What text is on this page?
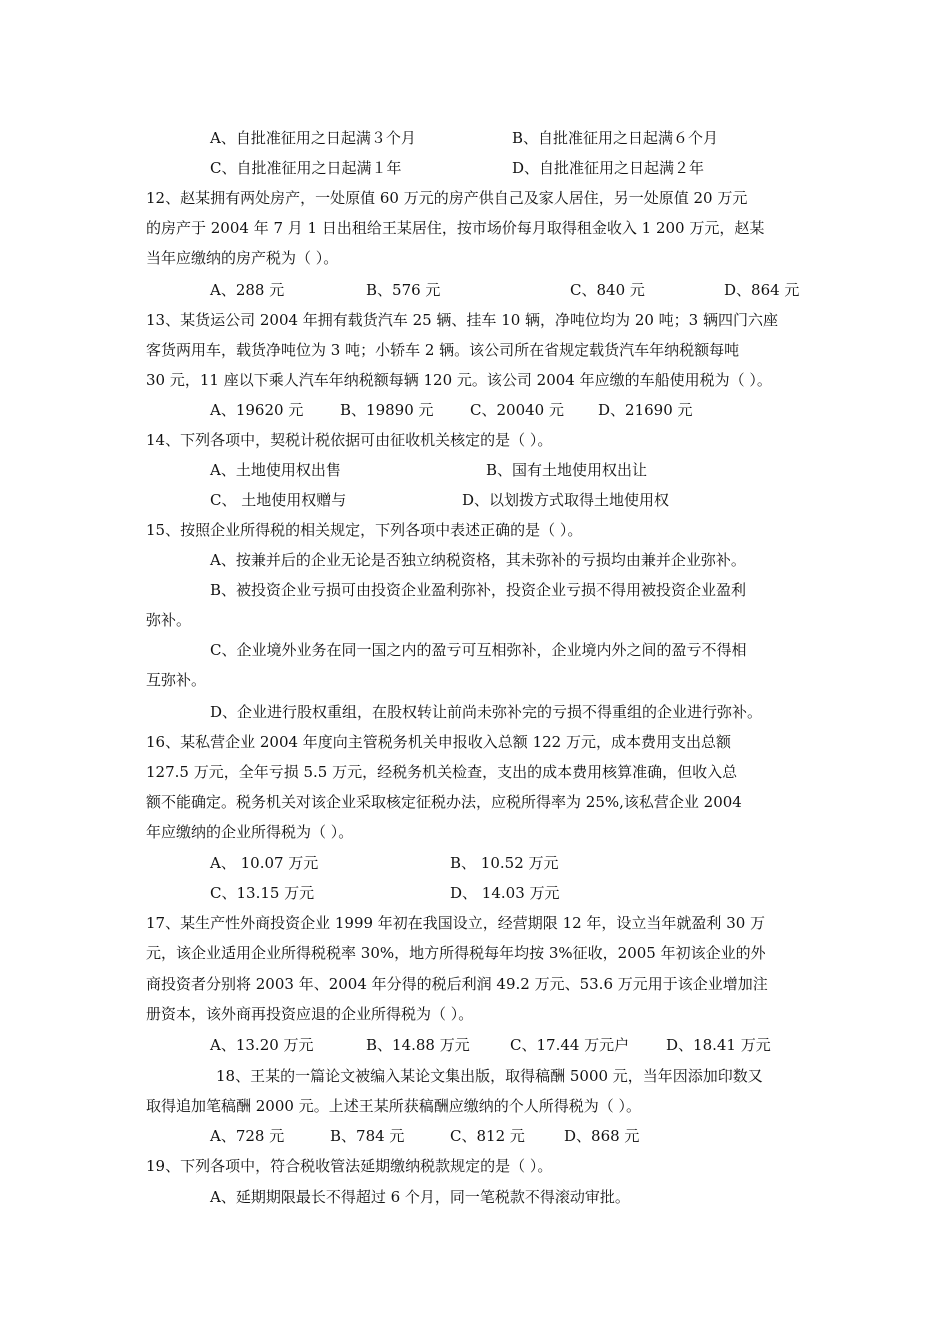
A、自批准征用之日起满３个月	B、自批准征用之日起满６个月
C、自批准征用之日起满１年	D、自批准征用之日起满２年
12、赵某拥有两处房产，一处原值 60 万元的房产供自己及家人居住，另一处原值 20 万元
的房产于 2004 年 7 月 1 日出租给王某居住，按市场价每月取得租金收入 1 200 万元，赵某
当年应缴纳的房产税为（ ）。
A、288 元	B、576 元	C、840 元	D、864 元
13、某货运公司 2004 年拥有载货汽车 25 辆、挂车 10 辆，净吨位均为 20 吨；3 辆四门六座
客货两用车，载货净吨位为 3 吨；小轿车 2 辆。该公司所在省规定载货汽车年纳税额每吨
30 元，11 座以下乘人汽车年纳税额每辆 120 元。该公司 2004 年应缴的车船使用税为（ ）。
A、19620 元 B、19890 元 C、20040 元 D、21690 元
14、下列各项中，契税计税依据可由征收机关核定的是（ ）。
A、土地使用权出售	B、国有土地使用权出让
C、 土地使用权赠与	D、以划拨方式取得土地使用权
15、按照企业所得税的相关规定，下列各项中表述正确的是（ ）。
A、按兼并后的企业无论是否独立纳税资格，其未弥补的亏损均由兼并企业弥补。
B、被投资企业亏损可由投资企业盈利弥补，投资企业亏损不得用被投资企业盈利
弥补。
C、企业境外业务在同一国之内的盈亏可互相弥补，企业境内外之间的盈亏不得相
互弥补。
D、企业进行股权重组，在股权转让前尚未弥补完的亏损不得重组的企业进行弥补。
16、某私营企业 2004 年度向主管税务机关申报收入总额 122 万元，成本费用支出总额
127.5 万元，全年亏损 5.5 万元，经税务机关检查，支出的成本费用核算准确，但收入总
额不能确定。税务机关对该企业采取核定征税办法，应税所得率为 25%,该私营企业 2004
年应缴纳的企业所得税为（ ）。
A、 10.07 万元	B、 10.52 万元
C、13.15 万元	D、 14.03 万元
17、某生产性外商投资企业 1999 年初在我国设立，经营期限 12 年，设立当年就盈利 30 万
元，该企业适用企业所得税税率 30%，地方所得税每年均按 3%征收，2005 年初该企业的外
商投资者分别将 2003 年、2004 年分得的税后利润 49.2 万元、53.6 万元用于该企业增加注
册资本，该外商再投资应退的企业所得税为（ ）。
A、13.20 万元	B、14.88 万元	C、17.44 万元户 D、18.41 万元
18、王某的一篇论文被编入某论文集出版，取得稿酬 5000 元，当年因添加印数又
取得追加笔稿酬 2000 元。上述王某所获稿酬应缴纳的个人所得税为（ ）。
A、728 元	B、784 元	C、812 元	D、868 元
19、下列各项中，符合税收管法延期缴纳税款规定的是（ ）。
A、延期期限最长不得超过 6 个月，同一笔税款不得滚动审批。
